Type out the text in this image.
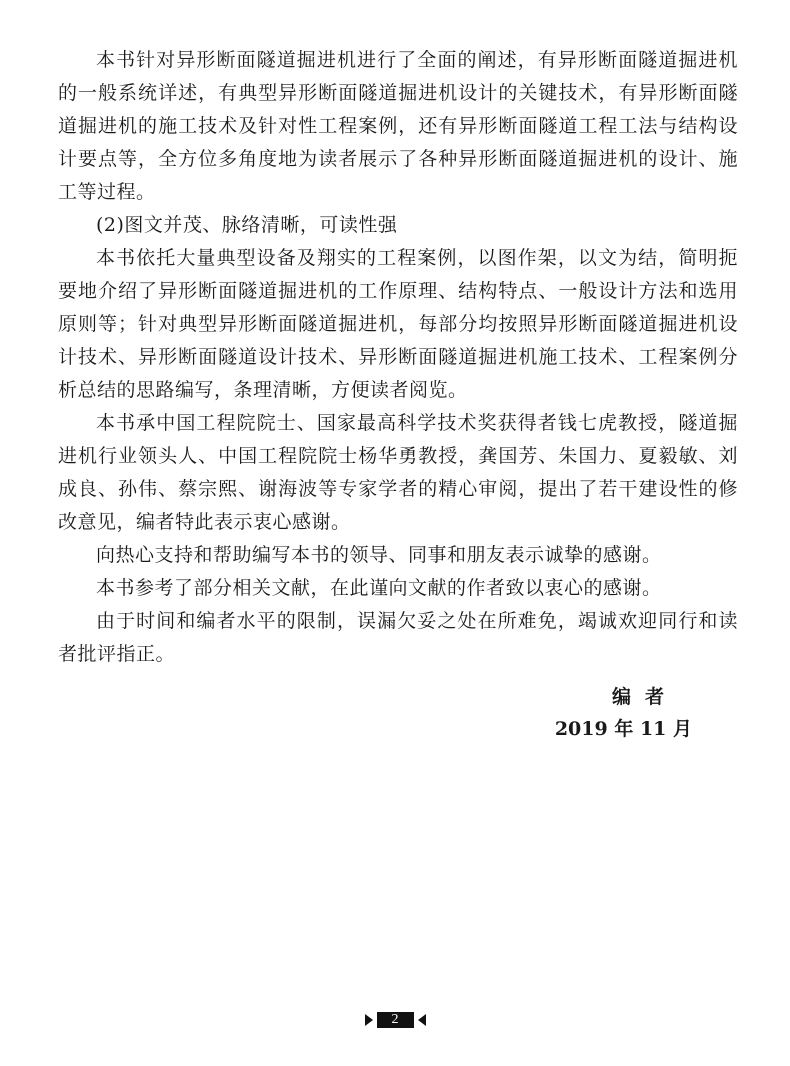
本书针对异形断面隧道掘进机进行了全面的阐述，有异形断面隧道掘进机的一般系统详述，有典型异形断面隧道掘进机设计的关键技术，有异形断面隧道掘进机的施工技术及针对性工程案例，还有异形断面隧道工程工法与结构设计要点等，全方位多角度地为读者展示了各种异形断面隧道掘进机的设计、施工等过程。

(2)图文并茂、脉络清晰，可读性强

本书依托大量典型设备及翔实的工程案例，以图作架，以文为结，简明扼要地介绍了异形断面隧道掘进机的工作原理、结构特点、一般设计方法和选用原则等；针对典型异形断面隧道掘进机，每部分均按照异形断面隧道掘进机设计技术、异形断面隧道设计技术、异形断面隧道掘进机施工技术、工程案例分析总结的思路编写，条理清晰，方便读者阅览。

本书承中国工程院院士、国家最高科学技术奖获得者钱七虎教授，隧道掘进机行业领头人、中国工程院院士杨华勇教授，龚国芳、朱国力、夏毅敏、刘成良、孙伟、蔡宗熙、谢海波等专家学者的精心审阅，提出了若干建设性的修改意见，编者特此表示衷心感谢。

向热心支持和帮助编写本书的领导、同事和朋友表示诚挚的感谢。

本书参考了部分相关文献，在此谨向文献的作者致以衷心的感谢。

由于时间和编者水平的限制，误漏欠妥之处在所难免，竭诚欢迎同行和读者批评指正。

编者
2019 年 11 月
2
